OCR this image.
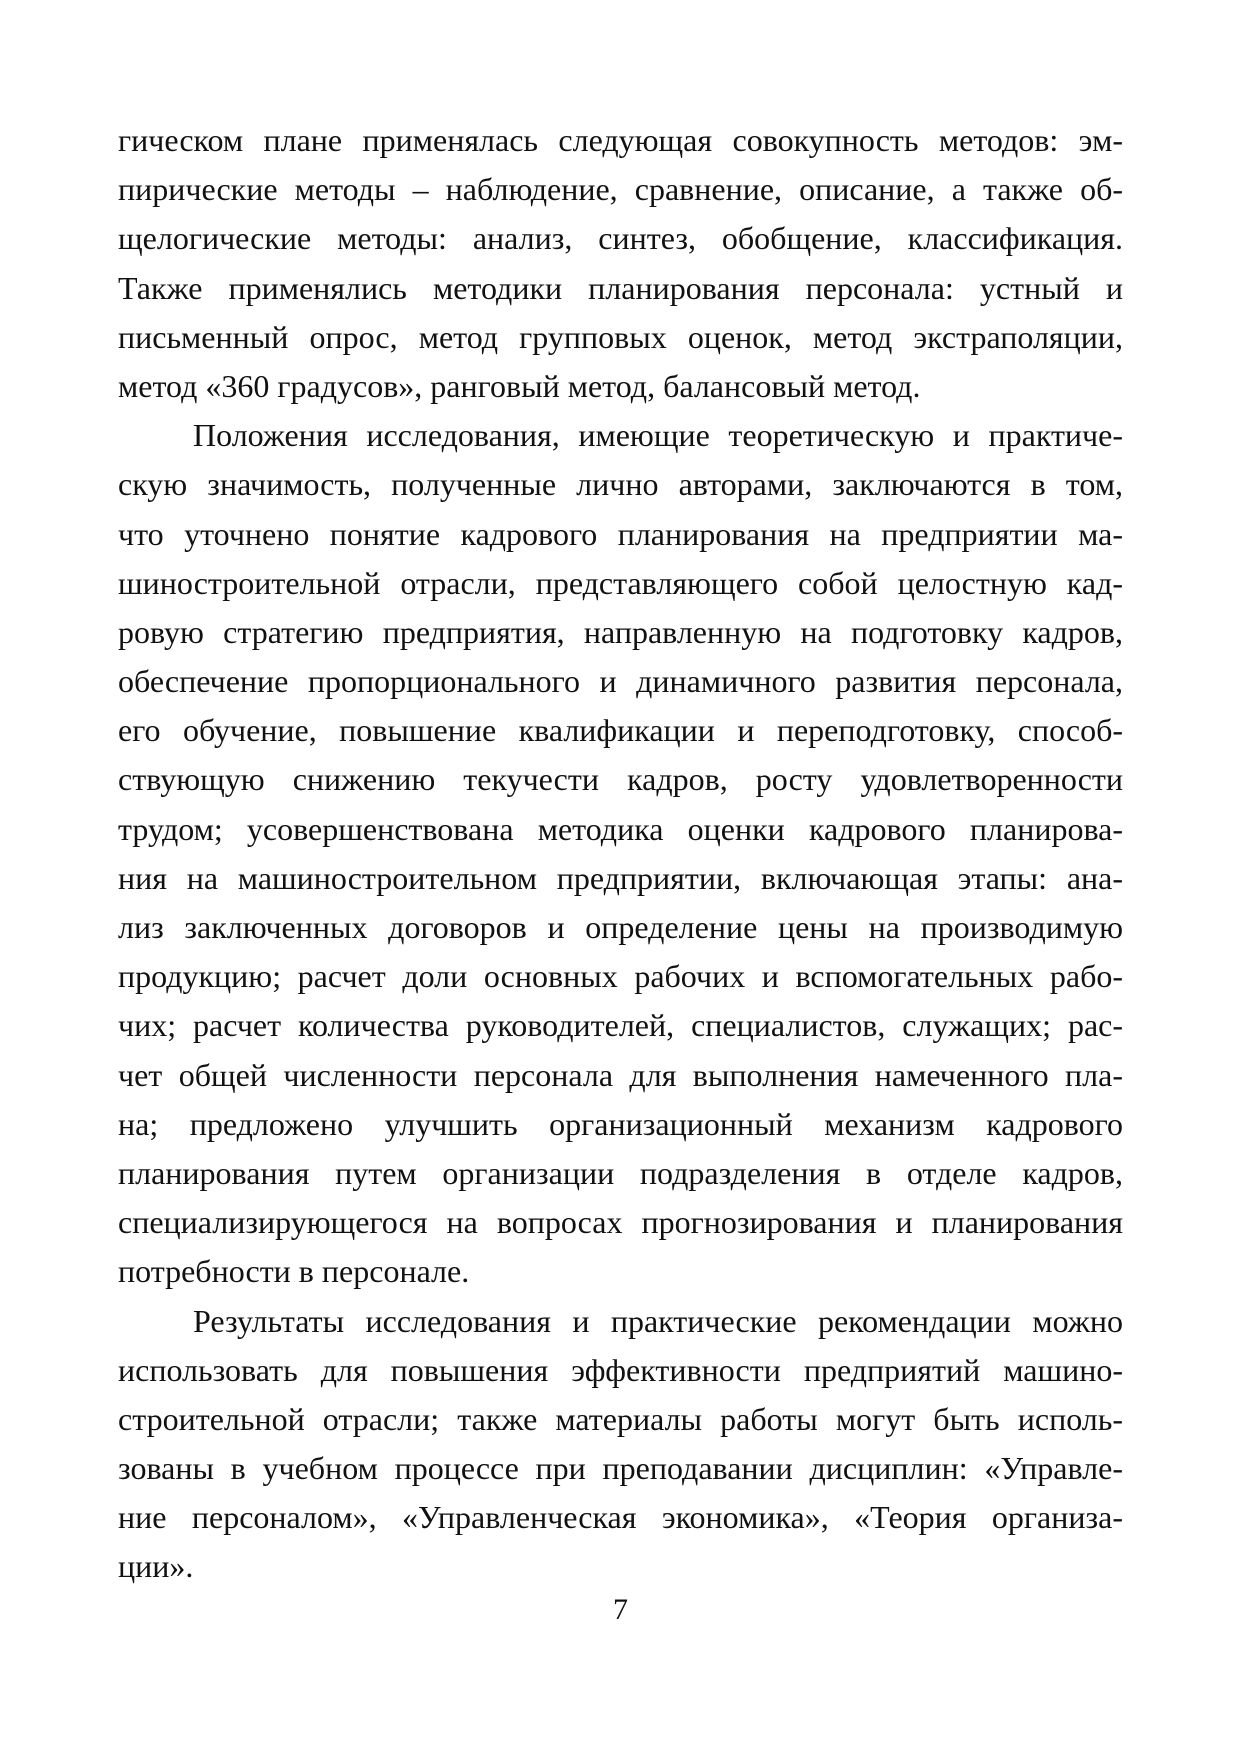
гическом плане применялась следующая совокупность методов: эм-
пирические методы – наблюдение, сравнение, описание, а также об-
щелогические методы: анализ, синтез, обобщение, классификация.
Также применялись методики планирования персонала: устный и
письменный опрос, метод групповых оценок, метод экстраполяции,
метод «360 градусов», ранговый метод, балансовый метод.
Положения исследования, имеющие теоретическую и практиче-
скую значимость, полученные лично авторами, заключаются в том,
что уточнено понятие кадрового планирования на предприятии ма-
шиностроительной отрасли, представляющего собой целостную кад-
ровую стратегию предприятия, направленную на подготовку кадров,
обеспечение пропорционального и динамичного развития персонала,
его обучение, повышение квалификации и переподготовку, способ-
ствующую снижению текучести кадров, росту удовлетворенности
трудом; усовершенствована методика оценки кадрового планирова-
ния на машиностроительном предприятии, включающая этапы: ана-
лиз заключенных договоров и определение цены на производимую
продукцию; расчет доли основных рабочих и вспомогательных рабо-
чих; расчет количества руководителей, специалистов, служащих; рас-
чет общей численности персонала для выполнения намеченного пла-
на; предложено улучшить организационный механизм кадрового
планирования путем организации подразделения в отделе кадров,
специализирующегося на вопросах прогнозирования и планирования
потребности в персонале.
Результаты исследования и практические рекомендации можно
использовать для повышения эффективности предприятий машино-
строительной отрасли; также материалы работы могут быть исполь-
зованы в учебном процессе при преподавании дисциплин: «Управле-
ние персоналом», «Управленческая экономика», «Теория организа-
ции».
7
